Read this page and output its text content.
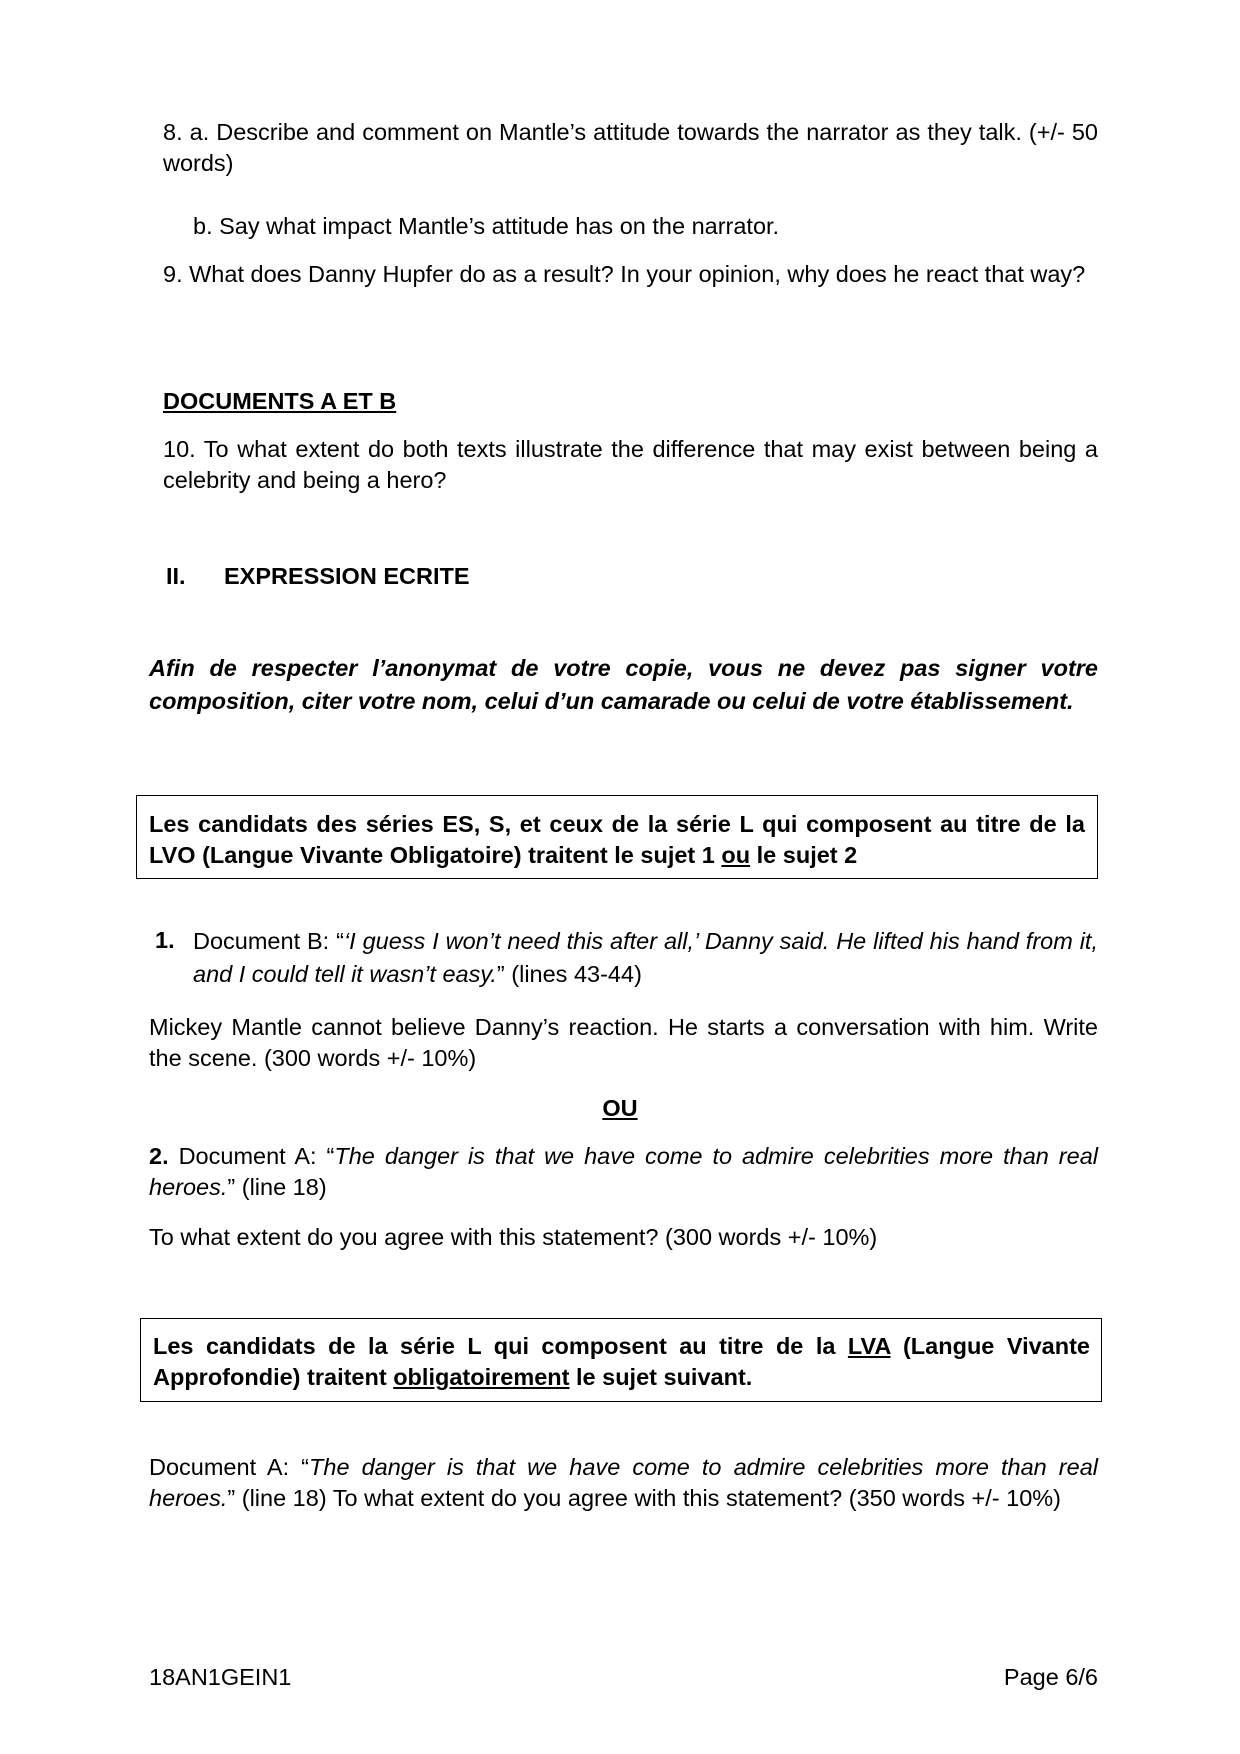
8. a. Describe and comment on Mantle’s attitude towards the narrator as they talk. (+/- 50 words)

b. Say what impact Mantle’s attitude has on the narrator.

9. What does Danny Hupfer do as a result? In your opinion, why does he react that way?

DOCUMENTS A ET B

10. To what extent do both texts illustrate the difference that may exist between being a celebrity and being a hero?

II. EXPRESSION ECRITE

Afin de respecter l’anonymat de votre copie, vous ne devez pas signer votre composition, citer votre nom, celui d’un camarade ou celui de votre établissement.

Les candidats des séries ES, S, et ceux de la série L qui composent au titre de la LVO (Langue Vivante Obligatoire) traitent le sujet 1 ou le sujet 2

1. Document B: “‘I guess I won’t need this after all,’ Danny said. He lifted his hand from it, and I could tell it wasn’t easy.” (lines 43-44)

Mickey Mantle cannot believe Danny’s reaction. He starts a conversation with him. Write the scene. (300 words +/- 10%)

OU

2. Document A: “The danger is that we have come to admire celebrities more than real heroes.” (line 18)

To what extent do you agree with this statement? (300 words +/- 10%)

Les candidats de la série L qui composent au titre de la LVA (Langue Vivante Approfondie) traitent obligatoirement le sujet suivant.

Document A: “The danger is that we have come to admire celebrities more than real heroes.” (line 18) To what extent do you agree with this statement? (350 words +/- 10%)

18AN1GEIN1	Page 6/6
